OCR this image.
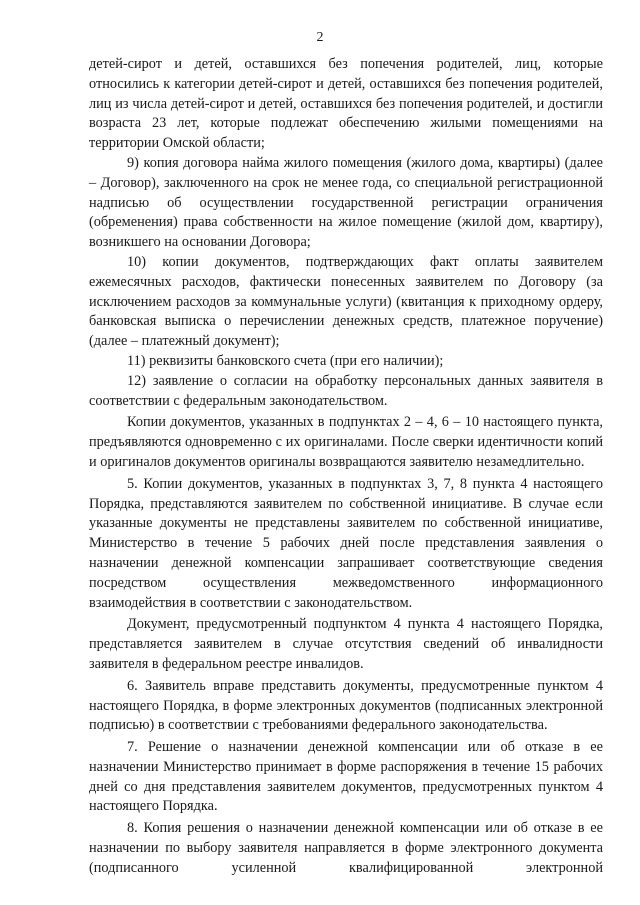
2

детей-сирот и детей, оставшихся без попечения родителей, лиц, которые относились к категории детей-сирот и детей, оставшихся без попечения родителей, лиц из числа детей-сирот и детей, оставшихся без попечения родителей, и достигли возраста 23 лет, которые подлежат обеспечению жилыми помещениями на территории Омской области;

9) копия договора найма жилого помещения (жилого дома, квартиры) (далее – Договор), заключенного на срок не менее года, со специальной регистрационной надписью об осуществлении государственной регистрации ограничения (обременения) права собственности на жилое помещение (жилой дом, квартиру), возникшего на основании Договора;

10) копии документов, подтверждающих факт оплаты заявителем ежемесячных расходов, фактически понесенных заявителем по Договору (за исключением расходов за коммунальные услуги) (квитанция к приходному ордеру, банковская выписка о перечислении денежных средств, платежное поручение) (далее – платежный документ);

11) реквизиты банковского счета (при его наличии);

12) заявление о согласии на обработку персональных данных заявителя в соответствии с федеральным законодательством.

Копии документов, указанных в подпунктах 2 – 4, 6 – 10 настоящего пункта, предъявляются одновременно с их оригиналами. После сверки идентичности копий и оригиналов документов оригиналы возвращаются заявителю незамедлительно.

5. Копии документов, указанных в подпунктах 3, 7, 8 пункта 4 настоящего Порядка, представляются заявителем по собственной инициативе. В случае если указанные документы не представлены заявителем по собственной инициативе, Министерство в течение 5 рабочих дней после представления заявления о назначении денежной компенсации запрашивает соответствующие сведения посредством осуществления межведомственного информационного взаимодействия в соответствии с законодательством.

Документ, предусмотренный подпунктом 4 пункта 4 настоящего Порядка, представляется заявителем в случае отсутствия сведений об инвалидности заявителя в федеральном реестре инвалидов.

6. Заявитель вправе представить документы, предусмотренные пунктом 4 настоящего Порядка, в форме электронных документов (подписанных электронной подписью) в соответствии с требованиями федерального законодательства.

7. Решение о назначении денежной компенсации или об отказе в ее назначении Министерство принимает в форме распоряжения в течение 15 рабочих дней со дня представления заявителем документов, предусмотренных пунктом 4 настоящего Порядка.

8. Копия решения о назначении денежной компенсации или об отказе в ее назначении по выбору заявителя направляется в форме электронного документа (подписанного усиленной квалифицированной электронной
